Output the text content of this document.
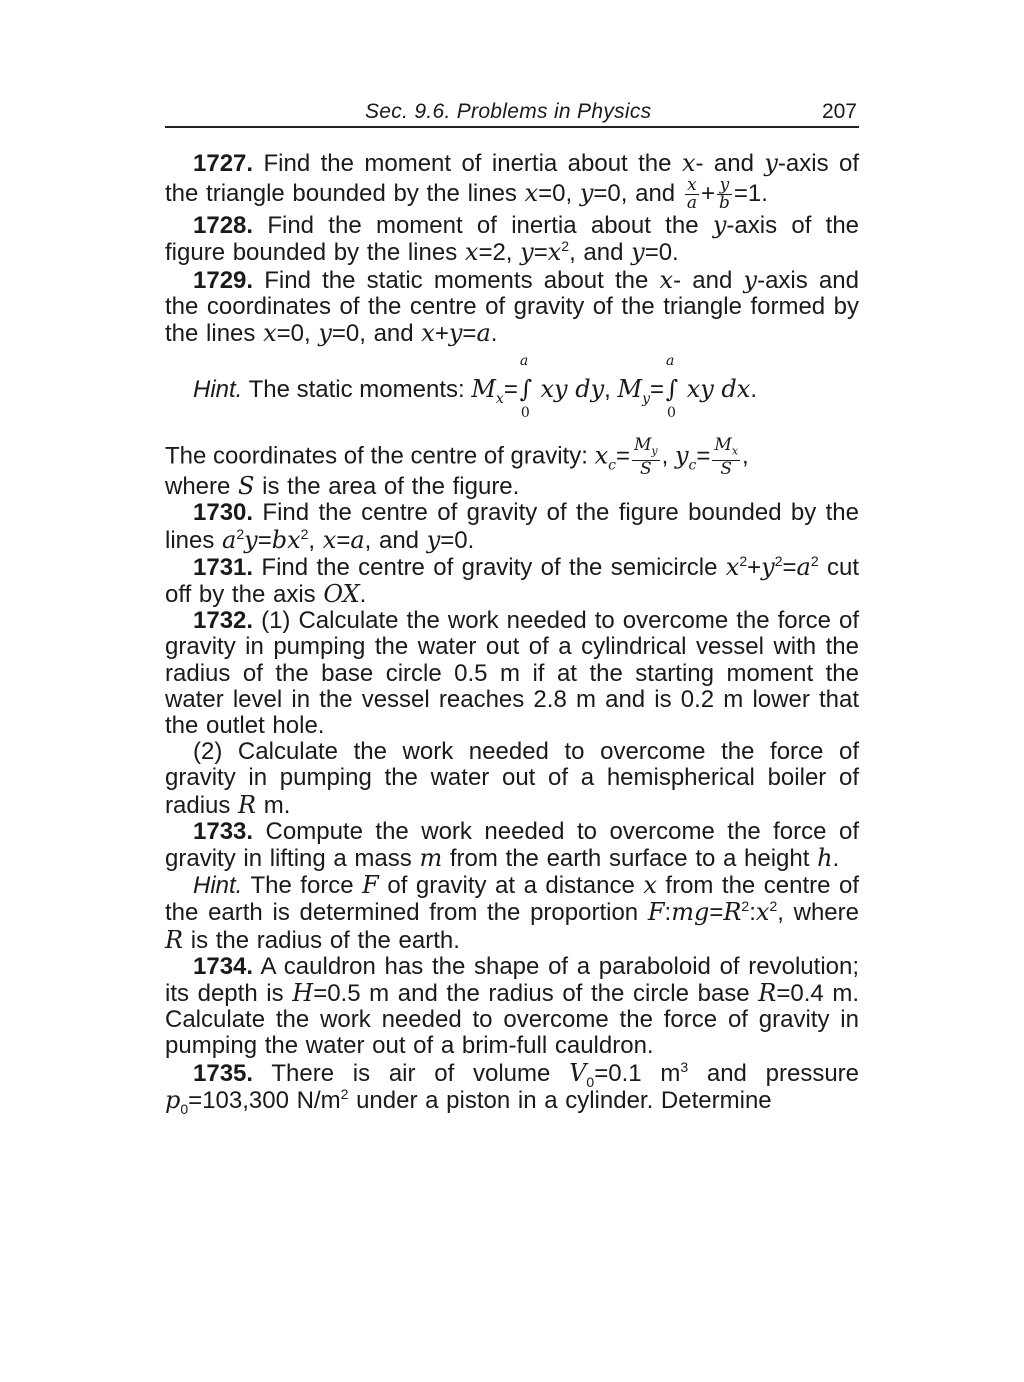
Sec. 9.6. Problems in Physics	207

1727. Find the moment of inertia about the x- and y-axis of the triangle bounded by the lines x=0, y=0, and $\frac{x}{a} + \frac{y}{b} =1$.

1728. Find the moment of inertia about the y-axis of the figure bounded by the lines x=2, $y=x^2$, and y=0.

1729. Find the static moments about the x- and y-axis and the coordinates of the centre of gravity of the triangle formed by the lines x=0, y=0, and x+y=a.

Hint. The static moments: $M_x=$
a
∫
0
xy dy, $M_y=$
a
∫
0
xy dx.
The coordinates of the centre of gravity: $x_c= \frac{M_y}{S}$ , $y_c= \frac{M_x}{S}$ ,

where S is the area of the figure.

1730. Find the centre of gravity of the figure bounded by the lines $a^2y=bx^2$, x=a, and y=0.

1731. Find the centre of gravity of the semicircle $x^2+y^2=a^2$ cut off by the axis OX.

1732. (1) Calculate the work needed to overcome the force of gravity in pumping the water out of a cylindrical vessel with the radius of the base circle 0.5 m if at the starting moment the water level in the vessel reaches 2.8 m and is 0.2 m lower that the outlet hole.

(2) Calculate the work needed to overcome the force of gravity in pumping the water out of a hemispherical boiler of radius R m.

1733. Compute the work needed to overcome the force of gravity in lifting a mass m from the earth surface to a height h.

Hint. The force F of gravity at a distance x from the centre of the earth is determined from the proportion $F:mg=R^2:x^2$, where R is the radius of the earth.

1734. A cauldron has the shape of a paraboloid of revolution; its depth is H=0.5 m and the radius of the circle base R=0.4 m. Calculate the work needed to overcome the force of gravity in pumping the water out of a brim-full cauldron.

1735. There is air of volume $V_0=0.1$ $m^3$ and pressure $p_0=103,300$ $N/m^2$ under a piston in a cylinder. Determine
